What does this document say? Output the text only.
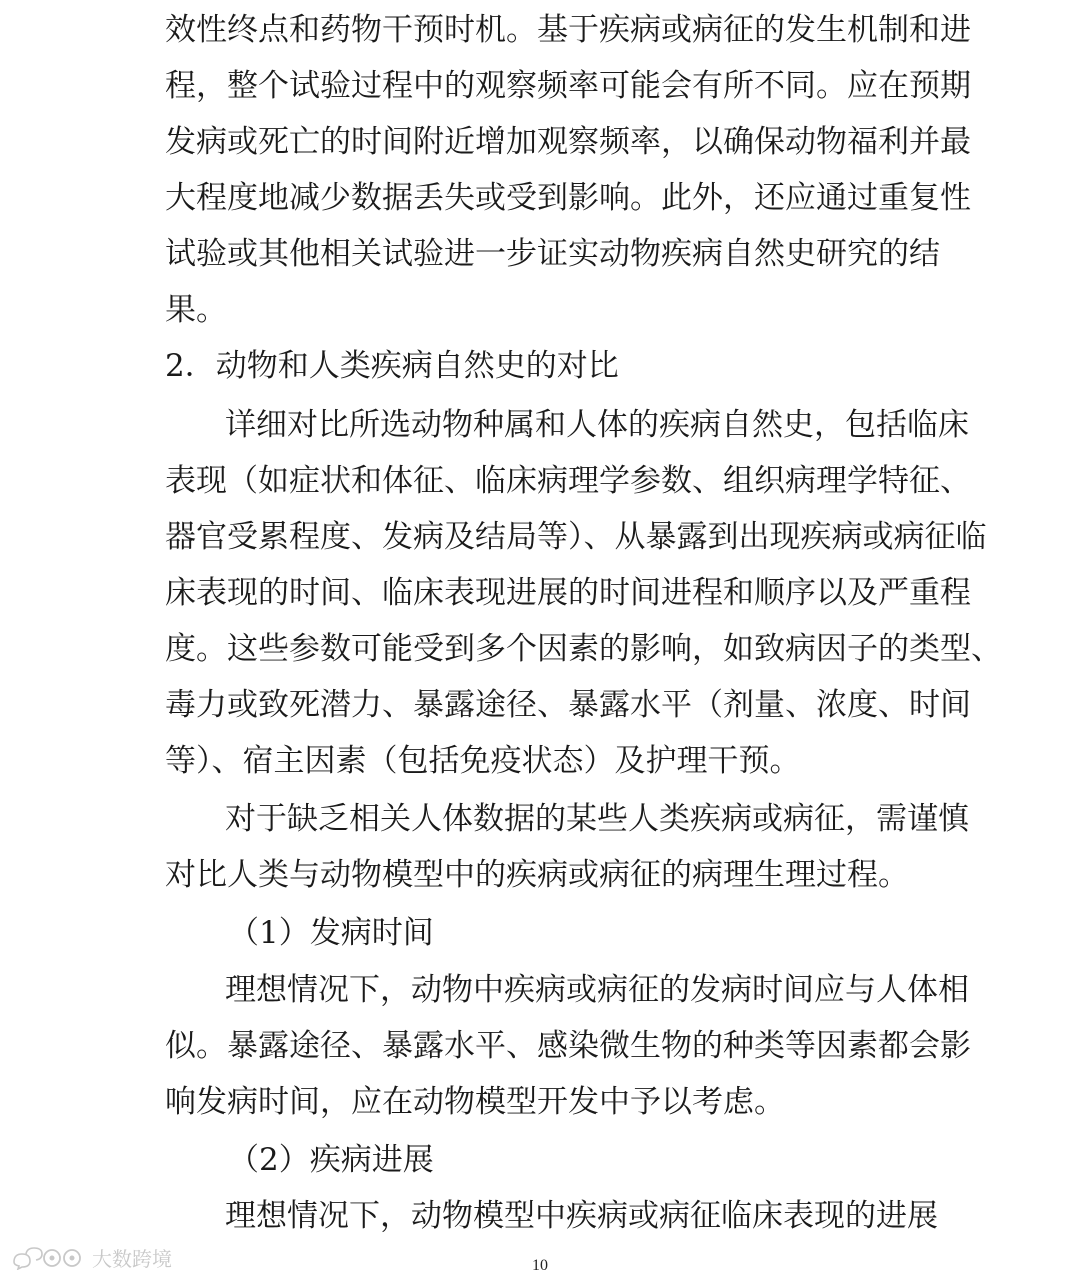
效性终点和药物干预时机。基于疾病或病征的发生机制和进
程，整个试验过程中的观察频率可能会有所不同。应在预期
发病或死亡的时间附近增加观察频率，以确保动物福利并最
大程度地减少数据丢失或受到影响。此外，还应通过重复性
试验或其他相关试验进一步证实动物疾病自然史研究的结
果。
2．动物和人类疾病自然史的对比
详细对比所选动物种属和人体的疾病自然史，包括临床
表现（如症状和体征、临床病理学参数、组织病理学特征、
器官受累程度、发病及结局等）、从暴露到出现疾病或病征临
床表现的时间、临床表现进展的时间进程和顺序以及严重程
度。这些参数可能受到多个因素的影响，如致病因子的类型、
毒力或致死潜力、暴露途径、暴露水平（剂量、浓度、时间
等）、宿主因素（包括免疫状态）及护理干预。
对于缺乏相关人体数据的某些人类疾病或病征，需谨慎
对比人类与动物模型中的疾病或病征的病理生理过程。
（1）发病时间
理想情况下，动物中疾病或病征的发病时间应与人体相
似。暴露途径、暴露水平、感染微生物的种类等因素都会影
响发病时间，应在动物模型开发中予以考虑。
（2）疾病进展
理想情况下，动物模型中疾病或病征临床表现的进展
10
大数跨境
